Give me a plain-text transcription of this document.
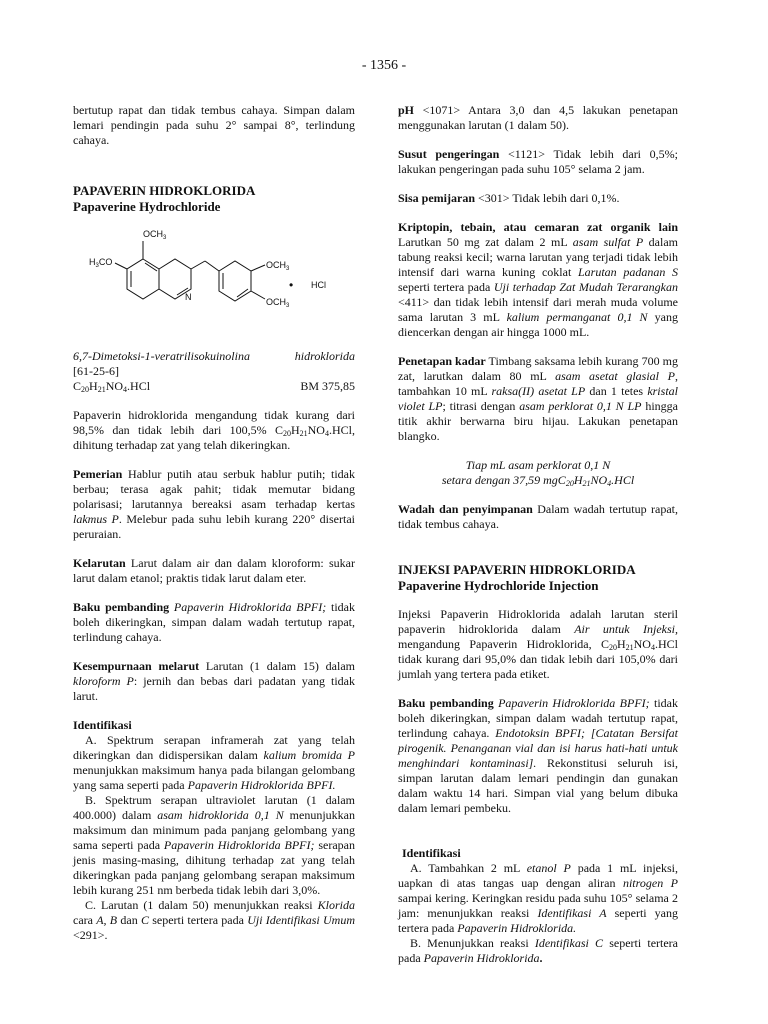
- 1356 -

bertutup rapat dan tidak tembus cahaya. Simpan dalam lemari pendingin pada suhu 2° sampai 8°, terlindung cahaya.

PAPAVERIN HIDROKLORIDA

Papaverine Hydrochloride

$OCH_3$
$H_3CO$
N
$OCH_3$
$OCH_3$
• HCl
6,7-Dimetoksi-1-veratrilisokuinolina	hidroklorida
[61-25-6]
$C_{20}H_{21}NO_4.HCl$	BM 375,85

Papaverin hidroklorida mengandung tidak kurang dari 98,5% dan tidak lebih dari 100,5% $C_{20}H_{21}NO_4.HCl$, dihitung terhadap zat yang telah dikeringkan.

Pemerian Hablur putih atau serbuk hablur putih; tidak berbau; terasa agak pahit; tidak memutar bidang polarisasi; larutannya bereaksi asam terhadap kertas lakmus P. Melebur pada suhu lebih kurang 220° disertai peruraian.

Kelarutan Larut dalam air dan dalam kloroform: sukar larut dalam etanol; praktis tidak larut dalam eter.

Baku pembanding Papaverin Hidroklorida BPFI; tidak boleh dikeringkan, simpan dalam wadah tertutup rapat, terlindung cahaya.

Kesempurnaan melarut Larutan (1 dalam 15) dalam kloroform P: jernih dan bebas dari padatan yang tidak larut.

Identifikasi

A. Spektrum serapan inframerah zat yang telah dikeringkan dan didispersikan dalam kalium bromida P menunjukkan maksimum hanya pada bilangan gelombang yang sama seperti pada Papaverin Hidroklorida BPFI.

B. Spektrum serapan ultraviolet larutan (1 dalam 400.000) dalam asam hidroklorida 0,1 N menunjukkan maksimum dan minimum pada panjang gelombang yang sama seperti pada Papaverin Hidroklorida BPFI; serapan jenis masing-masing, dihitung terhadap zat yang telah dikeringkan pada panjang gelombang serapan maksimum lebih kurang 251 nm berbeda tidak lebih dari 3,0%.

C. Larutan (1 dalam 50) menunjukkan reaksi Klorida cara A, B dan C seperti tertera pada Uji Identifikasi Umum <291>.

pH <1071> Antara 3,0 dan 4,5 lakukan penetapan menggunakan larutan (1 dalam 50).

Susut pengeringan <1121> Tidak lebih dari 0,5%; lakukan pengeringan pada suhu 105° selama 2 jam.

Sisa pemijaran <301> Tidak lebih dari 0,1%.

Kriptopin, tebain, atau cemaran zat organik lain Larutkan 50 mg zat dalam 2 mL asam sulfat P dalam tabung reaksi kecil; warna larutan yang terjadi tidak lebih intensif dari warna kuning coklat Larutan padanan S seperti tertera pada Uji terhadap Zat Mudah Terarangkan <411> dan tidak lebih intensif dari merah muda volume sama larutan 3 mL kalium permanganat 0,1 N yang diencerkan dengan air hingga 1000 mL.

Penetapan kadar Timbang saksama lebih kurang 700 mg zat, larutkan dalam 80 mL asam asetat glasial P, tambahkan 10 mL raksa(II) asetat LP dan 1 tetes kristal violet LP; titrasi dengan asam perklorat 0,1 N LP hingga titik akhir berwarna biru hijau. Lakukan penetapan blangko.

Tiap mL asam perklorat 0,1 N
setara dengan 37,59 $mgC_{20}H_{21}NO_4.HCl$

Wadah dan penyimpanan Dalam wadah tertutup rapat, tidak tembus cahaya.

INJEKSI PAPAVERIN HIDROKLORIDA

Papaverine Hydrochloride Injection

Injeksi Papaverin Hidroklorida adalah larutan steril papaverin hidroklorida dalam Air untuk Injeksi, mengandung Papaverin Hidroklorida, $C_{20}H_{21}NO_4.HCl$ tidak kurang dari 95,0% dan tidak lebih dari 105,0% dari jumlah yang tertera pada etiket.

Baku pembanding Papaverin Hidroklorida BPFI; tidak boleh dikeringkan, simpan dalam wadah tertutup rapat, terlindung cahaya. Endotoksin BPFI; [Catatan Bersifat pirogenik. Penanganan vial dan isi harus hati-hati untuk menghindari kontaminasi]. Rekonstitusi seluruh isi, simpan larutan dalam lemari pendingin dan gunakan dalam waktu 14 hari. Simpan vial yang belum dibuka dalam lemari pembeku.

Identifikasi

A. Tambahkan 2 mL etanol P pada 1 mL injeksi, uapkan di atas tangas uap dengan aliran nitrogen P sampai kering. Keringkan residu pada suhu 105° selama 2 jam: menunjukkan reaksi Identifikasi A seperti yang tertera pada Papaverin Hidroklorida.

B. Menunjukkan reaksi Identifikasi C seperti tertera pada Papaverin Hidroklorida.
